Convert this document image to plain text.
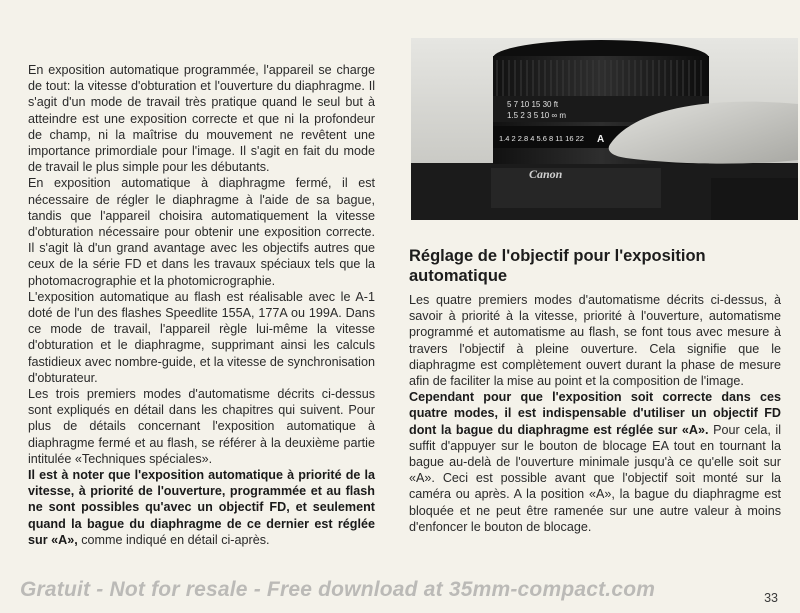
En exposition automatique programmée, l'appareil se charge de tout: la vitesse d'obturation et l'ouverture du diaphragme. Il s'agit d'un mode de travail très pratique quand le seul but à atteindre est une exposition correcte et que ni la profondeur de champ, ni la maîtrise du mouvement ne revêtent une importance primordiale pour l'image. Il s'agit en fait du mode de travail le plus simple pour les débutants.

En exposition automatique à diaphragme fermé, il est nécessaire de régler le diaphragme à l'aide de sa bague, tandis que l'appareil choisira automatiquement la vitesse d'obturation nécessaire pour obtenir une exposition correcte. Il s'agit là d'un grand avantage avec les objectifs autres que ceux de la série FD et dans les travaux spéciaux tels que la photomacrographie et la photomicrographie.

L'exposition automatique au flash est réalisable avec le A-1 doté de l'un des flashes Speedlite 155A, 177A ou 199A. Dans ce mode de travail, l'appareil règle lui-même la vitesse d'obturation et le diaphragme, supprimant ainsi les calculs fastidieux avec nombre-guide, et la vitesse de synchronisation d'obturateur.

Les trois premiers modes d'automatisme décrits ci-dessus sont expliqués en détail dans les chapitres qui suivent. Pour plus de détails concernant l'exposition automatique à diaphragme fermé et au flash, se référer à la deuxième partie intitulée «Techniques spéciales».

Il est à noter que l'exposition automatique à priorité de la vitesse, à priorité de l'ouverture, programmée et au flash ne sont possibles qu'avec un objectif FD, et seulement quand la bague du diaphragme de ce dernier est réglée sur «A», comme indiqué en détail ci-après.

5 7 10 15 30 ft
1.5 2 3 5 10 ∞ m
1.4 2 2.8 4 5.6 8 11 16 22 A
Canon

Réglage de l'objectif pour l'exposition automatique

Les quatre premiers modes d'automatisme décrits ci-dessus, à savoir à priorité à la vitesse, priorité à l'ouverture, automatisme programmé et automatisme au flash, se font tous avec mesure à travers l'objectif à pleine ouverture. Cela signifie que le diaphragme est complètement ouvert durant la phase de mesure afin de faciliter la mise au point et la composition de l'image.

Cependant pour que l'exposition soit correcte dans ces quatre modes, il est indispensable d'utiliser un objectif FD dont la bague du diaphragme est réglée sur «A». Pour cela, il suffit d'appuyer sur le bouton de blocage EA tout en tournant la bague au-delà de l'ouverture minimale jusqu'à ce qu'elle soit sur «A». Ceci est possible avant que l'objectif soit monté sur la caméra ou après. A la position «A», la bague du diaphragme est bloquée et ne peut être ramenée sur une autre valeur à moins d'enfoncer le bouton de blocage.

Gratuit - Not for resale - Free download at 35mm-compact.com	33
